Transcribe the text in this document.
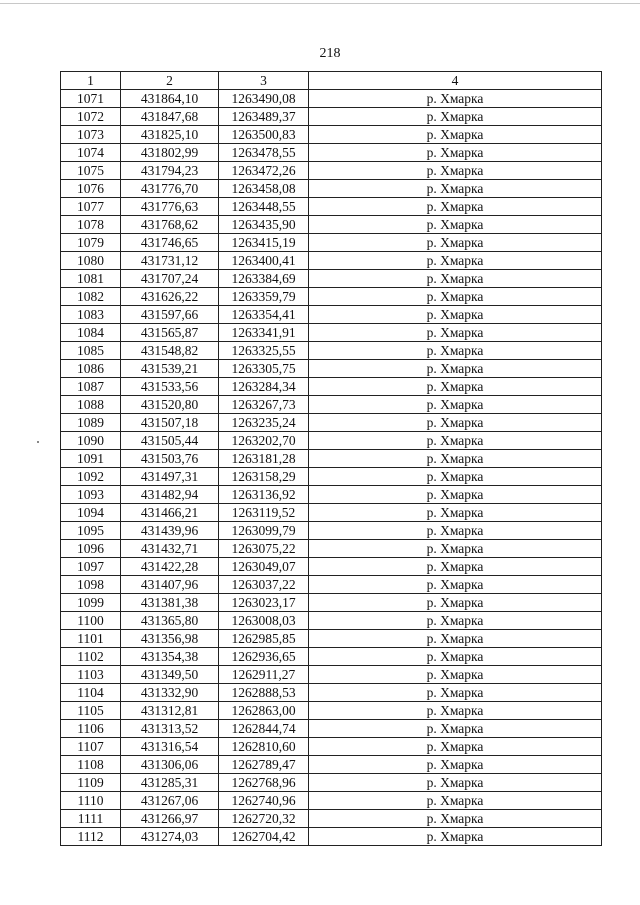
218
1	2	3	4
1071	431864,10	1263490,08	р. Хмарка
1072	431847,68	1263489,37	р. Хмарка
1073	431825,10	1263500,83	р. Хмарка
1074	431802,99	1263478,55	р. Хмарка
1075	431794,23	1263472,26	р. Хмарка
1076	431776,70	1263458,08	р. Хмарка
1077	431776,63	1263448,55	р. Хмарка
1078	431768,62	1263435,90	р. Хмарка
1079	431746,65	1263415,19	р. Хмарка
1080	431731,12	1263400,41	р. Хмарка
1081	431707,24	1263384,69	р. Хмарка
1082	431626,22	1263359,79	р. Хмарка
1083	431597,66	1263354,41	р. Хмарка
1084	431565,87	1263341,91	р. Хмарка
1085	431548,82	1263325,55	р. Хмарка
1086	431539,21	1263305,75	р. Хмарка
1087	431533,56	1263284,34	р. Хмарка
1088	431520,80	1263267,73	р. Хмарка
1089	431507,18	1263235,24	р. Хмарка
1090	431505,44	1263202,70	р. Хмарка
1091	431503,76	1263181,28	р. Хмарка
1092	431497,31	1263158,29	р. Хмарка
1093	431482,94	1263136,92	р. Хмарка
1094	431466,21	1263119,52	р. Хмарка
1095	431439,96	1263099,79	р. Хмарка
1096	431432,71	1263075,22	р. Хмарка
1097	431422,28	1263049,07	р. Хмарка
1098	431407,96	1263037,22	р. Хмарка
1099	431381,38	1263023,17	р. Хмарка
1100	431365,80	1263008,03	р. Хмарка
1101	431356,98	1262985,85	р. Хмарка
1102	431354,38	1262936,65	р. Хмарка
1103	431349,50	1262911,27	р. Хмарка
1104	431332,90	1262888,53	р. Хмарка
1105	431312,81	1262863,00	р. Хмарка
1106	431313,52	1262844,74	р. Хмарка
1107	431316,54	1262810,60	р. Хмарка
1108	431306,06	1262789,47	р. Хмарка
1109	431285,31	1262768,96	р. Хмарка
1110	431267,06	1262740,96	р. Хмарка
1111	431266,97	1262720,32	р. Хмарка
1112	431274,03	1262704,42	р. Хмарка
